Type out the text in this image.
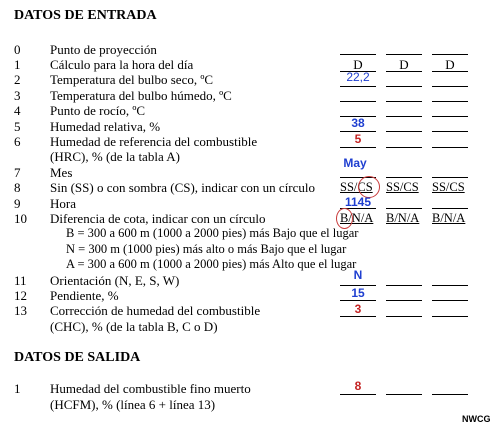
DATOS DE ENTRADA
0 Punto de proyección
1 Cálculo para la hora del día
2 Temperatura del bulbo seco, ºC
3 Temperatura del bulbo húmedo, ºC
4 Punto de rocío, ºC
5 Humedad relativa, %
6 Humedad de referencia del combustible
(HRC), % (de la tabla A)
7 Mes
8 Sin (SS) o con sombra (CS), indicar con un círculo
9 Hora
10 Diferencia de cota, indicar con un círculo
B = 300 a 600 m (1000 a 2000 pies) más Bajo que el lugar
N = 300 m (1000 pies) más alto o más Bajo que el lugar
A = 300 a 600 m (1000 a 2000 pies) más Alto que el lugar
11 Orientación (N, E, S, W)
12 Pendiente, %
13 Corrección de humedad del combustible
(CHC), % (de la tabla B, C o D)
DATOS DE SALIDA
1 Humedad del combustible fino muerto
(HCFM), % (línea 6 + línea 13)
D	D	D
SS/CS SS/CS SS/CS
B/N/A B/N/A B/N/A
22,2
38
5
May
1145
N
15
3
8
NWCG
